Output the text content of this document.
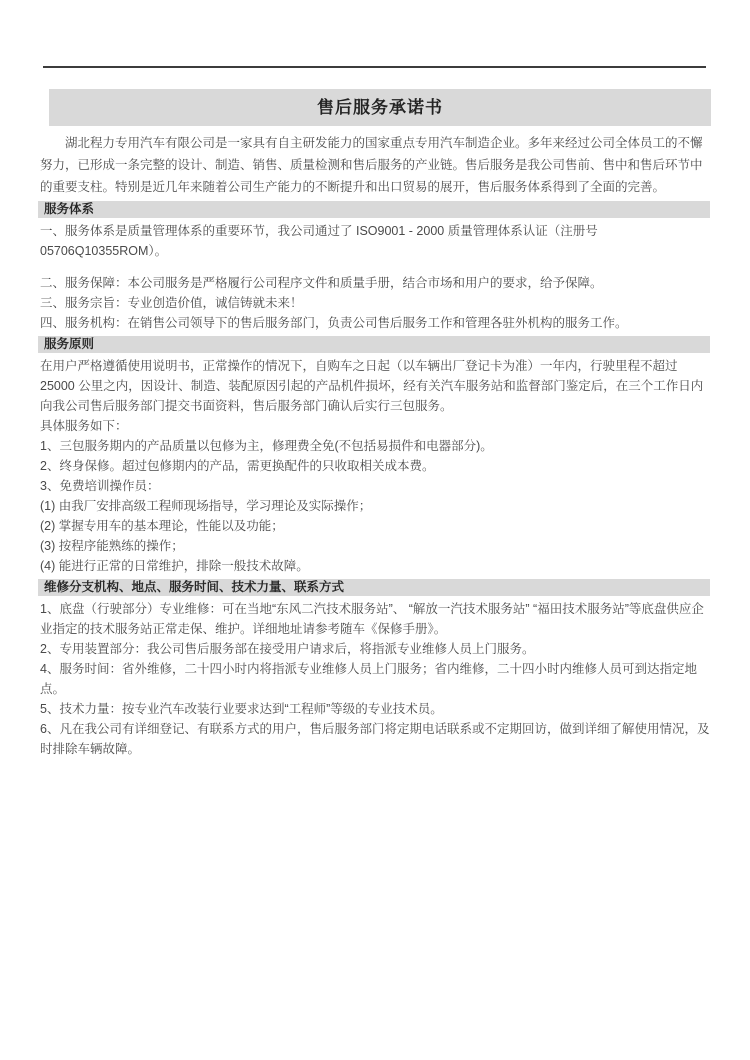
售后服务承诺书

湖北程力专用汽车有限公司是一家具有自主研发能力的国家重点专用汽车制造企业。多年来经过公司全体员工的不懈努力，已形成一条完整的设计、制造、销售、质量检测和售后服务的产业链。售后服务是我公司售前、售中和售后环节中的重要支柱。特别是近几年来随着公司生产能力的不断提升和出口贸易的展开，售后服务体系得到了全面的完善。

服务体系

一、服务体系是质量管理体系的重要环节，我公司通过了 ISO9001 - 2000 质量管理体系认证（注册号 05706Q10355ROM）。

二、服务保障：本公司服务是严格履行公司程序文件和质量手册，结合市场和用户的要求，给予保障。

三、服务宗旨：专业创造价值，诚信铸就未来！

四、服务机构：在销售公司领导下的售后服务部门，负责公司售后服务工作和管理各驻外机构的服务工作。

服务原则

在用户严格遵循使用说明书，正常操作的情况下，自购车之日起（以车辆出厂登记卡为准）一年内，行驶里程不超过 25000 公里之内，因设计、制造、装配原因引起的产品机件损坏，经有关汽车服务站和监督部门鉴定后，在三个工作日内向我公司售后服务部门提交书面资料，售后服务部门确认后实行三包服务。

具体服务如下：

1、三包服务期内的产品质量以包修为主，修理费全免(不包括易损件和电器部分)。

2、终身保修。超过包修期内的产品，需更换配件的只收取相关成本费。

3、免费培训操作员：

(1) 由我厂安排高级工程师现场指导，学习理论及实际操作；

(2) 掌握专用车的基本理论，性能以及功能；

(3) 按程序能熟练的操作；

(4) 能进行正常的日常维护，排除一般技术故障。

维修分支机构、地点、服务时间、技术力量、联系方式

1、底盘（行驶部分）专业维修：可在当地“东风二汽技术服务站”、 “解放一汽技术服务站” “福田技术服务站”等底盘供应企业指定的技术服务站正常走保、维护。详细地址请参考随车《保修手册》。

2、专用装置部分：我公司售后服务部在接受用户请求后，将指派专业维修人员上门服务。

4、服务时间：省外维修，二十四小时内将指派专业维修人员上门服务；省内维修，二十四小时内维修人员可到达指定地点。

5、技术力量：按专业汽车改装行业要求达到“工程师”等级的专业技术员。

6、凡在我公司有详细登记、有联系方式的用户，售后服务部门将定期电话联系或不定期回访，做到详细了解使用情况，及时排除车辆故障。
